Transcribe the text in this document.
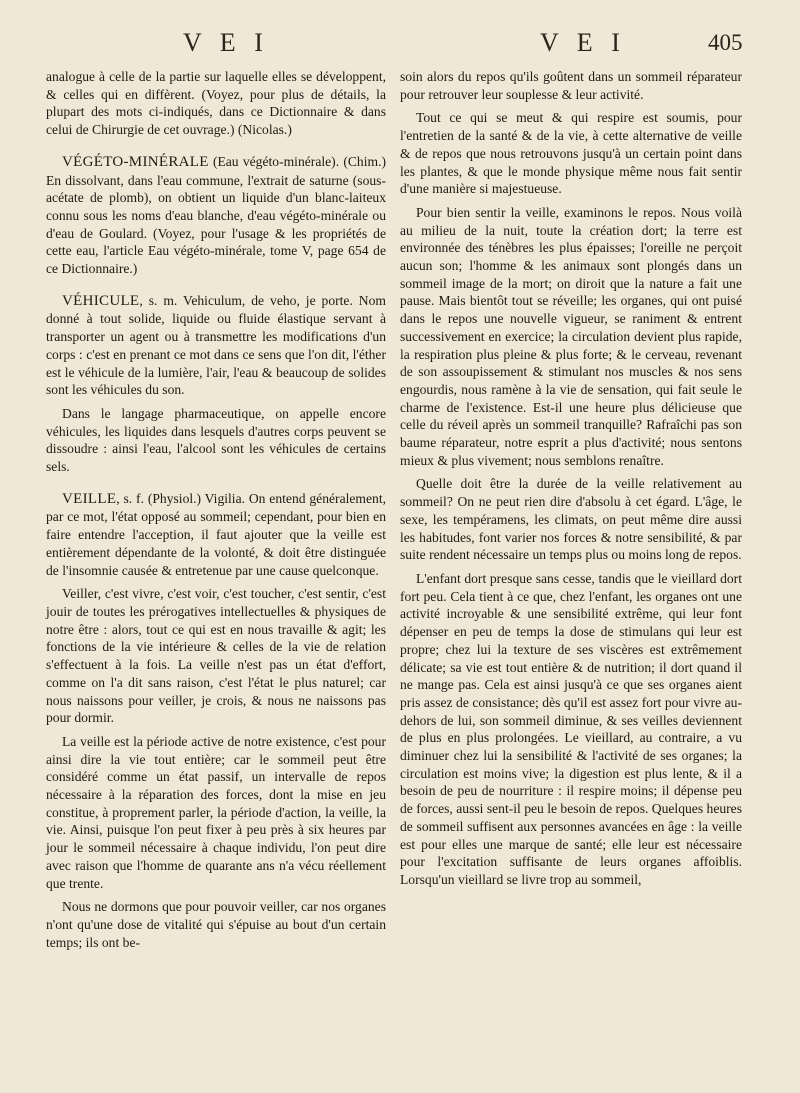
V E I	V E I	405

analogue à celle de la partie sur laquelle elles se développent, & celles qui en diffèrent. (Voyez, pour plus de détails, la plupart des mots ci-indiqués, dans ce Dictionnaire & dans celui de Chirurgie de cet ouvrage.) (Nicolas.)

VÉGÉTO-MINÉRALE (Eau végéto-minérale). (Chim.) En dissolvant, dans l'eau commune, l'extrait de saturne (sous-acétate de plomb), on obtient un liquide d'un blanc-laiteux connu sous les noms d'eau blanche, d'eau végéto-minérale ou d'eau de Goulard. (Voyez, pour l'usage & les propriétés de cette eau, l'article Eau végéto-minérale, tome V, page 654 de ce Dictionnaire.)

VÉHICULE, s. m. Vehiculum, de veho, je porte. Nom donné à tout solide, liquide ou fluide élastique servant à transporter un agent ou à transmettre les modifications d'un corps : c'est en prenant ce mot dans ce sens que l'on dit, l'éther est le véhicule de la lumière, l'air, l'eau & beaucoup de solides sont les véhicules du son.

Dans le langage pharmaceutique, on appelle encore véhicules, les liquides dans lesquels d'autres corps peuvent se dissoudre : ainsi l'eau, l'alcool sont les véhicules de certains sels.

VEILLE, s. f. (Physiol.) Vigilia. On entend généralement, par ce mot, l'état opposé au sommeil; cependant, pour bien en faire entendre l'acception, il faut ajouter que la veille est entièrement dépendante de la volonté, & doit être distinguée de l'insomnie causée & entretenue par une cause quelconque.

Veiller, c'est vivre, c'est voir, c'est toucher, c'est sentir, c'est jouir de toutes les prérogatives intellectuelles & physiques de notre être : alors, tout ce qui est en nous travaille & agit; les fonctions de la vie intérieure & celles de la vie de relation s'effectuent à la fois. La veille n'est pas un état d'effort, comme on l'a dit sans raison, c'est l'état le plus naturel; car nous naissons pour veiller, je crois, & nous ne naissons pas pour dormir.

La veille est la période active de notre existence, c'est pour ainsi dire la vie tout entière; car le sommeil peut être considéré comme un état passif, un intervalle de repos nécessaire à la réparation des forces, dont la mise en jeu constitue, à proprement parler, la période d'action, la veille, la vie. Ainsi, puisque l'on peut fixer à peu près à six heures par jour le sommeil nécessaire à chaque individu, l'on peut dire avec raison que l'homme de quarante ans n'a vécu réellement que trente.

Nous ne dormons que pour pouvoir veiller, car nos organes n'ont qu'une dose de vitalité qui s'épuise au bout d'un certain temps; ils ont be-

soin alors du repos qu'ils goûtent dans un sommeil réparateur pour retrouver leur souplesse & leur activité.

Tout ce qui se meut & qui respire est soumis, pour l'entretien de la santé & de la vie, à cette alternative de veille & de repos que nous retrouvons jusqu'à un certain point dans les plantes, & que le monde physique même nous fait sentir d'une manière si majestueuse.

Pour bien sentir la veille, examinons le repos. Nous voilà au milieu de la nuit, toute la création dort; la terre est environnée des ténèbres les plus épaisses; l'oreille ne perçoit aucun son; l'homme & les animaux sont plongés dans un sommeil image de la mort; on diroit que la nature a fait une pause. Mais bientôt tout se réveille; les organes, qui ont puisé dans le repos une nouvelle vigueur, se raniment & entrent successivement en exercice; la circulation devient plus rapide, la respiration plus pleine & plus forte; & le cerveau, revenant de son assoupissement & stimulant nos muscles & nos sens engourdis, nous ramène à la vie de sensation, qui fait seule le charme de l'existence. Est-il une heure plus délicieuse que celle du réveil après un sommeil tranquille? Rafraîchi pas son baume réparateur, notre esprit a plus d'activité; nous sentons mieux & plus vivement; nous semblons renaître.

Quelle doit être la durée de la veille relativement au sommeil? On ne peut rien dire d'absolu à cet égard. L'âge, le sexe, les tempéramens, les climats, on peut même dire aussi les habitudes, font varier nos forces & notre sensibilité, & par suite rendent nécessaire un temps plus ou moins long de repos.

L'enfant dort presque sans cesse, tandis que le vieillard dort fort peu. Cela tient à ce que, chez l'enfant, les organes ont une activité incroyable & une sensibilité extrême, qui leur font dépenser en peu de temps la dose de stimulans qui leur est propre; chez lui la texture de ses viscères est extrêmement délicate; sa vie est tout entière & de nutrition; il dort quand il ne mange pas. Cela est ainsi jusqu'à ce que ses organes aient pris assez de consistance; dès qu'il est assez fort pour vivre au-dehors de lui, son sommeil diminue, & ses veilles deviennent de plus en plus prolongées. Le vieillard, au contraire, a vu diminuer chez lui la sensibilité & l'activité de ses organes; la circulation est moins vive; la digestion est plus lente, & il a besoin de peu de nourriture : il respire moins; il dépense peu de forces, aussi sent-il peu le besoin de repos. Quelques heures de sommeil suffisent aux personnes avancées en âge : la veille est pour elles une marque de santé; elle leur est nécessaire pour l'excitation suffisante de leurs organes affoiblis. Lorsqu'un vieillard se livre trop au sommeil,
